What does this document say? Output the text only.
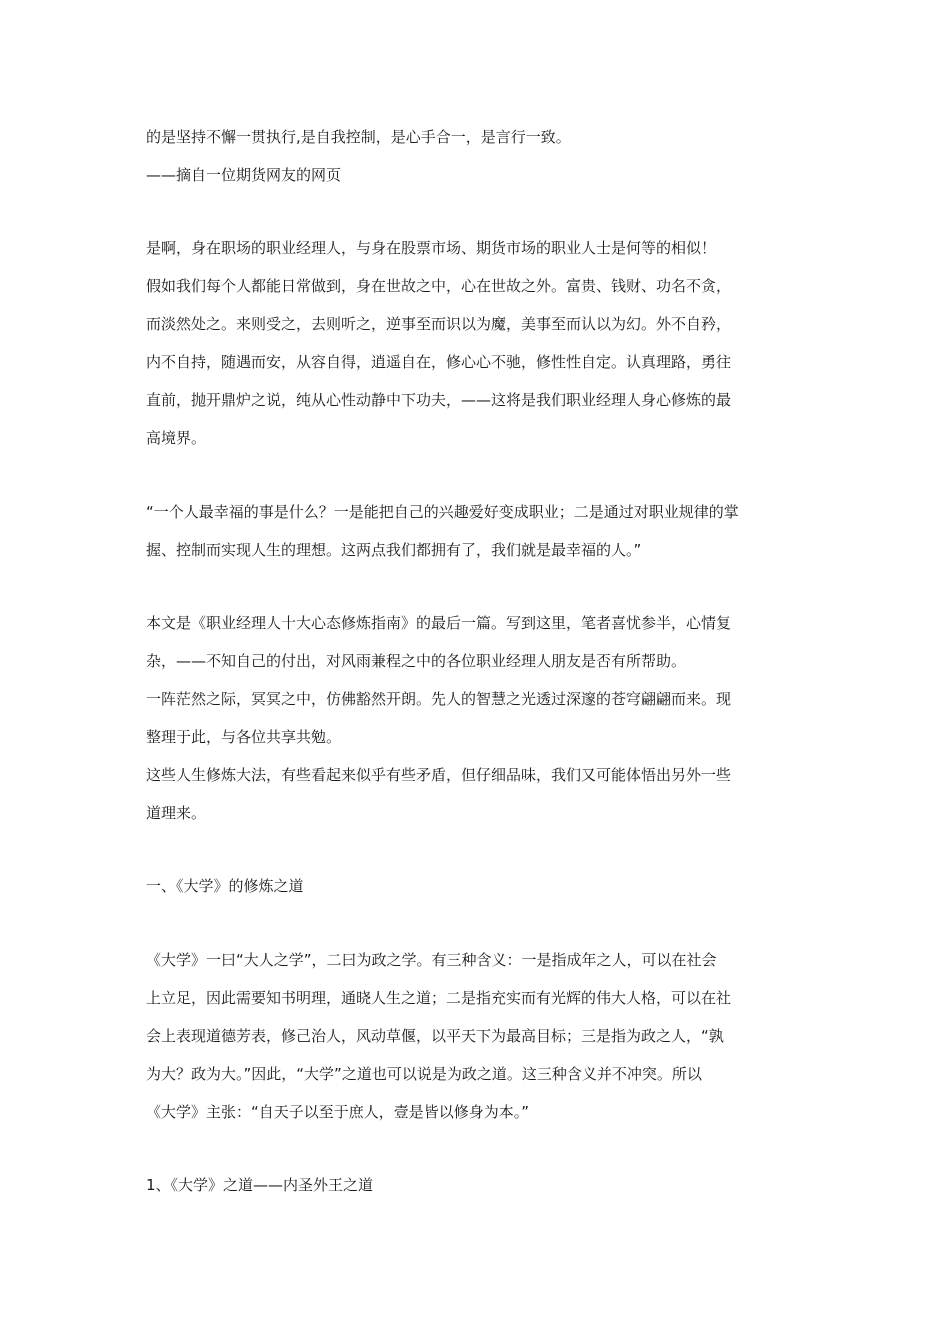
的是坚持不懈一贯执行,是自我控制，是心手合一，是言行一致。
——摘自一位期货网友的网页
是啊，身在职场的职业经理人，与身在股票市场、期货市场的职业人士是何等的相似！
假如我们每个人都能日常做到，身在世故之中，心在世故之外。富贵、钱财、功名不贪，
而淡然处之。来则受之，去则听之，逆事至而识以为魔，美事至而认以为幻。外不自矜，
内不自持，随遇而安，从容自得，逍遥自在，修心心不驰，修性性自定。认真理路，勇往
直前，抛开鼎炉之说，纯从心性动静中下功夫，——这将是我们职业经理人身心修炼的最
高境界。
“一个人最幸福的事是什么？一是能把自己的兴趣爱好变成职业；二是通过对职业规律的掌
握、控制而实现人生的理想。这两点我们都拥有了，我们就是最幸福的人。”
本文是《职业经理人十大心态修炼指南》的最后一篇。写到这里，笔者喜忧参半，心情复
杂，——不知自己的付出，对风雨兼程之中的各位职业经理人朋友是否有所帮助。
一阵茫然之际，冥冥之中，仿佛豁然开朗。先人的智慧之光透过深邃的苍穹翩翩而来。现
整理于此，与各位共享共勉。
这些人生修炼大法，有些看起来似乎有些矛盾，但仔细品味，我们又可能体悟出另外一些
道理来。
一、《大学》的修炼之道
《大学》一曰“大人之学”，二曰为政之学。有三种含义：一是指成年之人，可以在社会
上立足，因此需要知书明理，通晓人生之道；二是指充实而有光辉的伟大人格，可以在社
会上表现道德芳表，修己治人，风动草偃，以平天下为最高目标；三是指为政之人，“孰
为大？政为大。”因此，“大学”之道也可以说是为政之道。这三种含义并不冲突。所以
《大学》主张：“自天子以至于庶人，壹是皆以修身为本。”
1、《大学》之道——内圣外王之道
